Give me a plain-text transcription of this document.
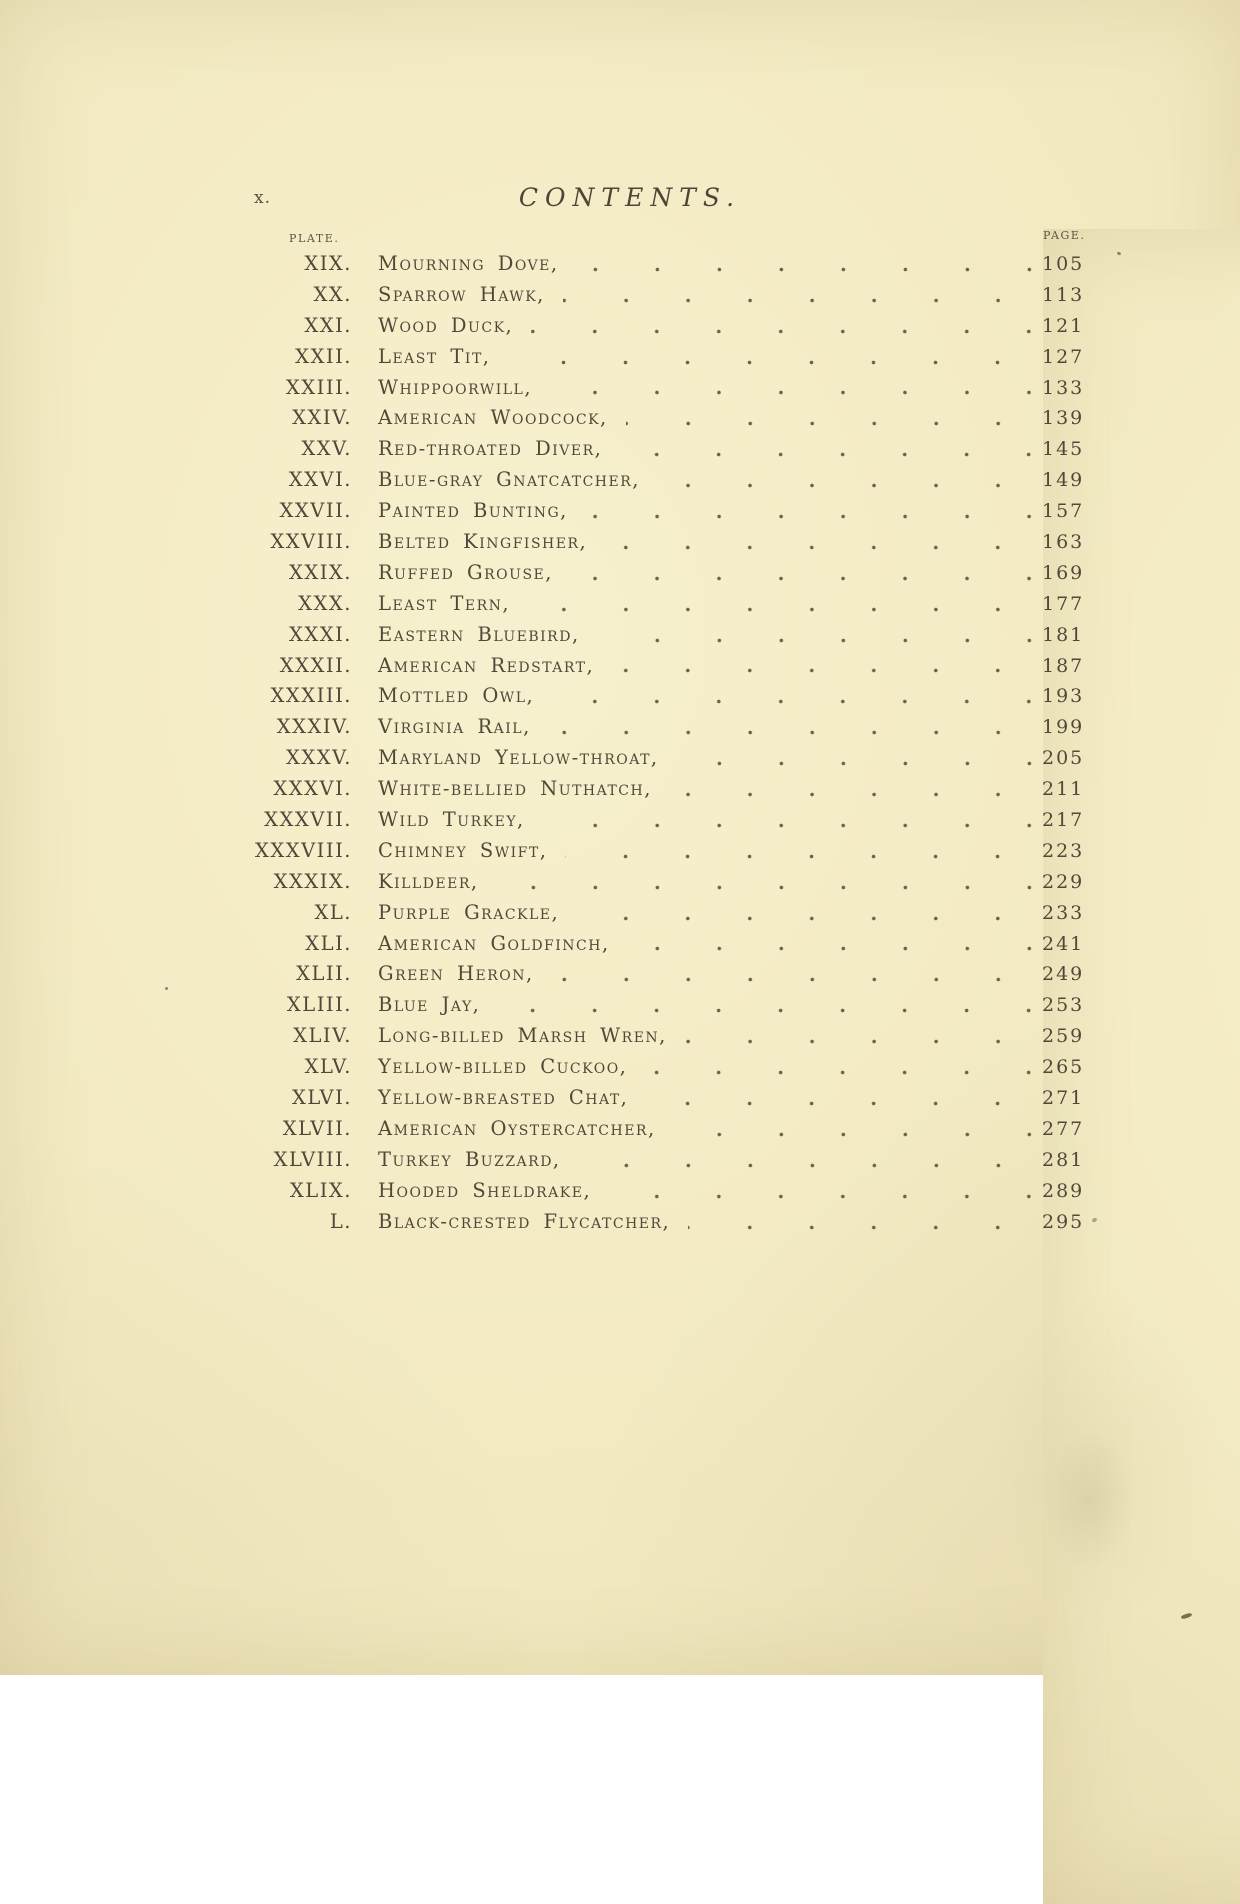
x.	CONTENTS.
PLATE.	PAGE.
XIX. Mourning Dove,	105
XX. Sparrow Hawk,	113
XXI. Wood Duck,	121
XXII. Least Tit,	127
XXIII. Whippoorwill,	133
XXIV. American Woodcock,	139
XXV. Red-throated Diver,	145
XXVI. Blue-gray Gnatcatcher,	149
XXVII. Painted Bunting,	157
XXVIII. Belted Kingfisher,	163
XXIX. Ruffed Grouse,	169
XXX. Least Tern,	177
XXXI. Eastern Bluebird,	181
XXXII. American Redstart,	187
XXXIII. Mottled Owl,	193
XXXIV. Virginia Rail,	199
XXXV. Maryland Yellow-throat,	205
XXXVI. White-bellied Nuthatch,	211
XXXVII. Wild Turkey,	217
XXXVIII. Chimney Swift,	223
XXXIX. Killdeer,	229
XL. Purple Grackle,	233
XLI. American Goldfinch,	241
XLII. Green Heron,	249
XLIII. Blue Jay,	253
XLIV. Long-billed Marsh Wren,	259
XLV. Yellow-billed Cuckoo,	265
XLVI. Yellow-breasted Chat,	271
XLVII. American Oystercatcher,	277
XLVIII. Turkey Buzzard,	281
XLIX. Hooded Sheldrake,	289
L. Black-crested Flycatcher,	295
